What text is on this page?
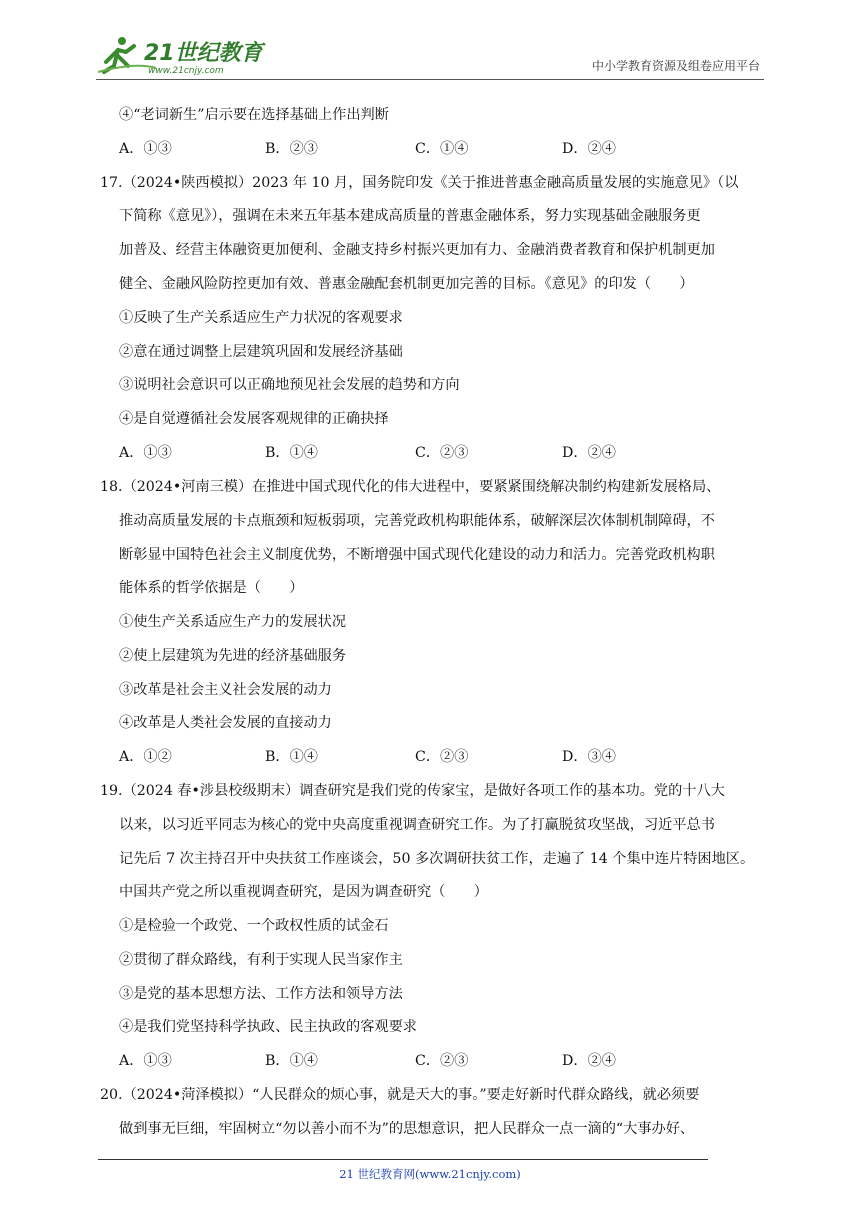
21世纪教育
www.21cnjy.com	中小学教育资源及组卷应用平台
④“老词新生”启示要在选择基础上作出判断
17.（2024•陕西模拟）2023 年 10 月，国务院印发《关于推进普惠金融高质量发展的实施意见》（以
下简称《意见》），强调在未来五年基本建成高质量的普惠金融体系，努力实现基础金融服务更
加普及、经营主体融资更加便利、金融支持乡村振兴更加有力、金融消费者教育和保护机制更加
健全、金融风险防控更加有效、普惠金融配套机制更加完善的目标。《意见》的印发（　　）
①反映了生产关系适应生产力状况的客观要求
②意在通过调整上层建筑巩固和发展经济基础
③说明社会意识可以正确地预见社会发展的趋势和方向
④是自觉遵循社会发展客观规律的正确抉择
18.（2024•河南三模）在推进中国式现代化的伟大进程中，要紧紧围绕解决制约构建新发展格局、
推动高质量发展的卡点瓶颈和短板弱项，完善党政机构职能体系，破解深层次体制机制障碍，不
断彰显中国特色社会主义制度优势，不断增强中国式现代化建设的动力和活力。完善党政机构职
能体系的哲学依据是（　　）
①使生产关系适应生产力的发展状况
②使上层建筑为先进的经济基础服务
③改革是社会主义社会发展的动力
④改革是人类社会发展的直接动力
19.（2024 春•涉县校级期末）调查研究是我们党的传家宝，是做好各项工作的基本功。党的十八大
以来，以习近平同志为核心的党中央高度重视调查研究工作。为了打赢脱贫攻坚战，习近平总书
记先后 7 次主持召开中央扶贫工作座谈会，50 多次调研扶贫工作，走遍了 14 个集中连片特困地区。
中国共产党之所以重视调查研究，是因为调查研究（　　）
①是检验一个政党、一个政权性质的试金石
②贯彻了群众路线，有利于实现人民当家作主
③是党的基本思想方法、工作方法和领导方法
④是我们党坚持科学执政、民主执政的客观要求
20.（2024•菏泽模拟）“人民群众的烦心事，就是天大的事。”要走好新时代群众路线，就必须要
做到事无巨细，牢固树立“勿以善小而不为”的思想意识，把人民群众一点一滴的“大事办好、
A．①③	B．②③	C．①④	D．②④
A．①③	B．①④	C．②③	D．②④
A．①②	B．①④	C．②③	D．③④
A．①③	B．①④	C．②③	D．②④
21 世纪教育网(www.21cnjy.com)
